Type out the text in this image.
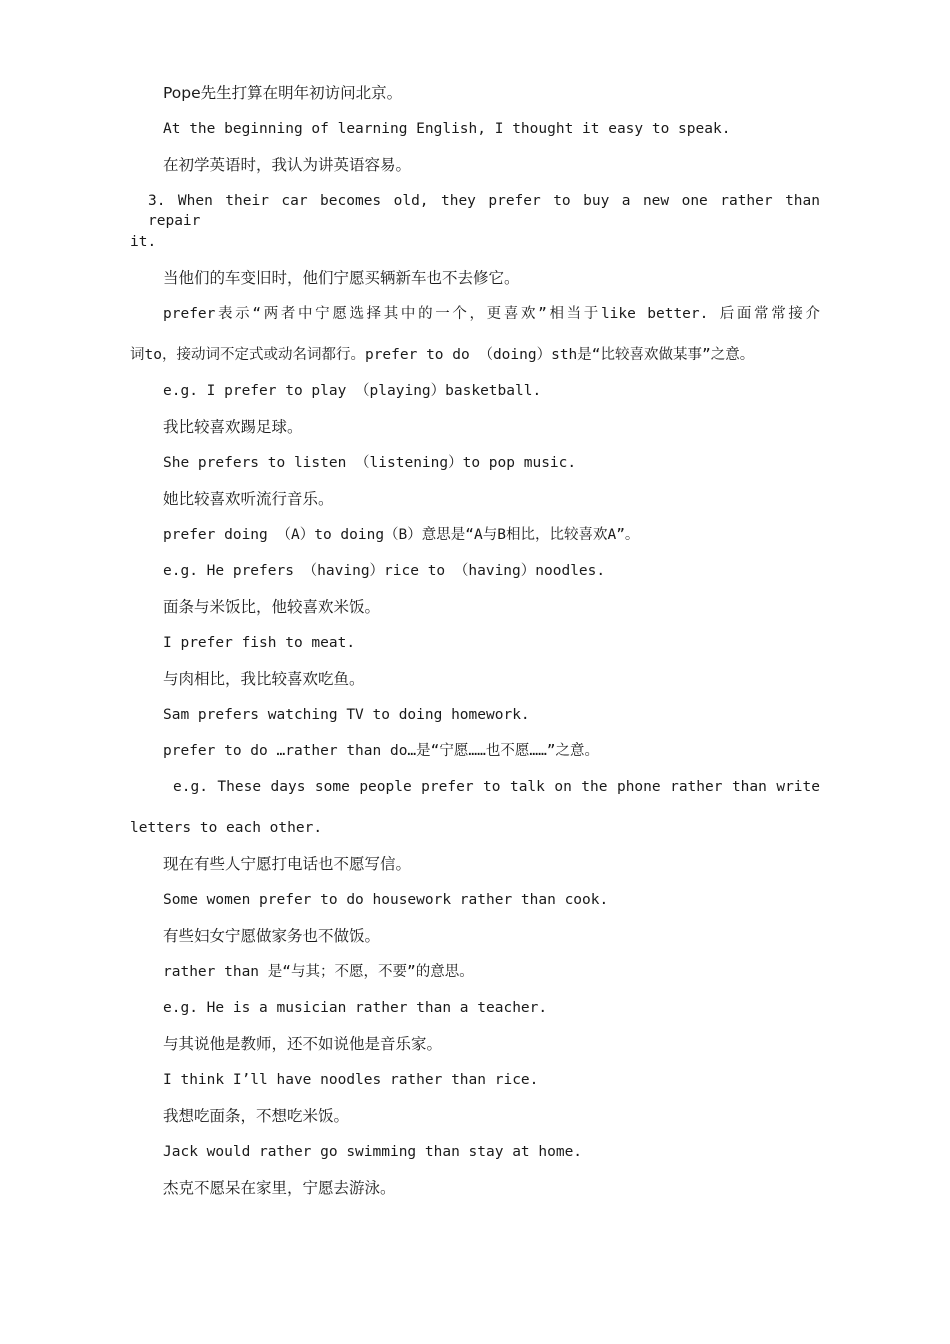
Pope先生打算在明年初访问北京。
At the beginning of learning English, I thought it easy to speak.
在初学英语时，我认为讲英语容易。
3. When their car becomes old, they prefer to buy a new one rather than repair
it.
当他们的车变旧时，他们宁愿买辆新车也不去修它。
prefer表示“两者中宁愿选择其中的一个，更喜欢”相当于like better. 后面常常接介
词to，接动词不定式或动名词都行。prefer to do （doing）sth是“比较喜欢做某事”之意。
e.g. I prefer to play （playing）basketball.
我比较喜欢踢足球。
She prefers to listen （listening）to pop music.
她比较喜欢听流行音乐。
prefer doing （A）to doing（B）意思是“A与B相比，比较喜欢A”。
e.g. He prefers （having）rice to （having）noodles.
面条与米饭比，他较喜欢米饭。
I prefer fish to meat.
与肉相比，我比较喜欢吃鱼。
Sam prefers watching TV to doing homework.
prefer to do …rather than do…是“宁愿……也不愿……”之意。
e.g. These days some people prefer to talk on the phone rather than write
letters to each other.
现在有些人宁愿打电话也不愿写信。
Some women prefer to do housework rather than cook.
有些妇女宁愿做家务也不做饭。
rather than 是“与其；不愿，不要”的意思。
e.g. He is a musician rather than a teacher.
与其说他是教师，还不如说他是音乐家。
I think I’ll have noodles rather than rice.
我想吃面条，不想吃米饭。
Jack would rather go swimming than stay at home.
杰克不愿呆在家里，宁愿去游泳。
